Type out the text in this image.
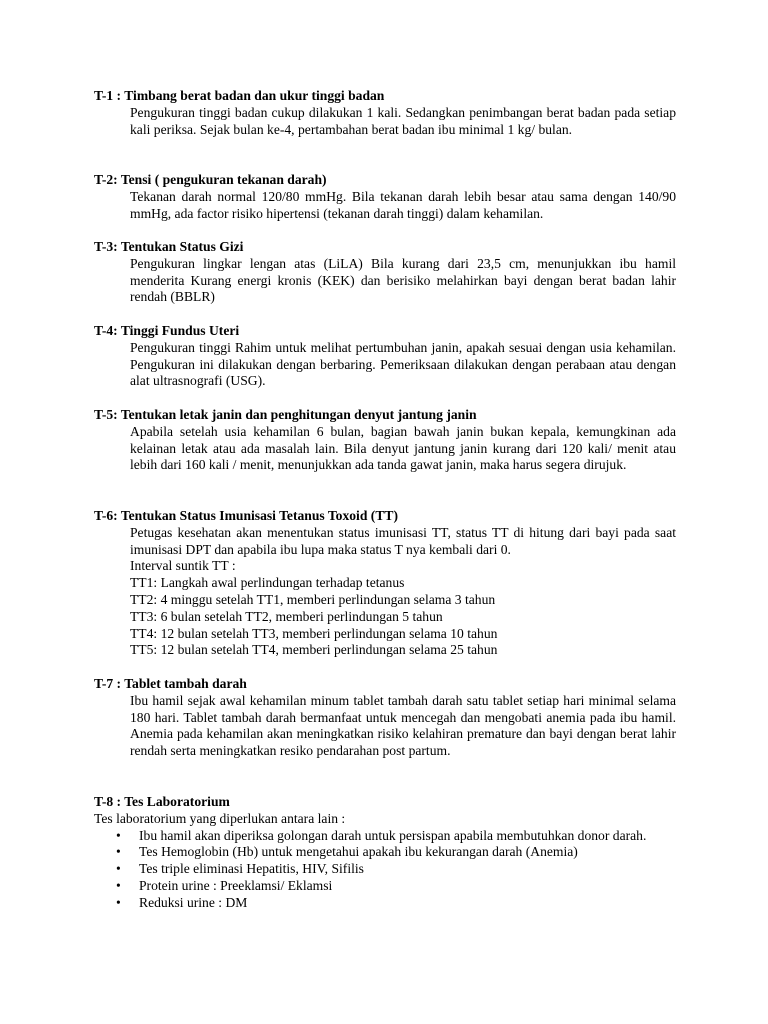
T-1 : Timbang berat badan dan ukur tinggi badan
Pengukuran tinggi badan cukup dilakukan 1 kali. Sedangkan penimbangan berat badan pada setiap kali periksa. Sejak bulan ke-4, pertambahan berat badan ibu minimal 1 kg/ bulan.
T-2: Tensi ( pengukuran tekanan darah)
Tekanan darah normal 120/80 mmHg. Bila tekanan darah lebih besar atau sama dengan 140/90 mmHg, ada factor risiko hipertensi (tekanan darah tinggi) dalam kehamilan.
T-3: Tentukan Status Gizi
Pengukuran lingkar lengan atas (LiLA) Bila kurang dari 23,5 cm, menunjukkan ibu hamil menderita Kurang energi kronis (KEK) dan berisiko melahirkan bayi dengan berat badan lahir rendah (BBLR)
T-4: Tinggi Fundus Uteri
Pengukuran tinggi Rahim untuk melihat pertumbuhan janin, apakah sesuai dengan usia kehamilan. Pengukuran ini dilakukan dengan berbaring. Pemeriksaan dilakukan dengan perabaan atau dengan alat ultrasnografi (USG).
T-5: Tentukan letak janin dan penghitungan denyut jantung janin
Apabila setelah usia kehamilan 6 bulan, bagian bawah janin bukan kepala, kemungkinan ada kelainan letak atau ada masalah lain. Bila denyut jantung janin kurang dari 120 kali/ menit atau lebih dari 160 kali / menit, menunjukkan ada tanda gawat janin, maka harus segera dirujuk.
T-6: Tentukan Status Imunisasi Tetanus Toxoid (TT)
Petugas kesehatan akan menentukan status imunisasi TT, status TT di hitung dari bayi pada saat imunisasi DPT dan apabila ibu lupa maka status T nya kembali dari 0.
Interval suntik TT :
TT1: Langkah awal perlindungan terhadap tetanus
TT2: 4 minggu setelah TT1, memberi perlindungan selama 3 tahun
TT3: 6 bulan setelah TT2, memberi perlindungan 5 tahun
TT4: 12 bulan setelah TT3, memberi perlindungan selama 10 tahun
TT5: 12 bulan setelah TT4, memberi perlindungan selama 25 tahun
T-7 : Tablet tambah darah
Ibu hamil sejak awal kehamilan minum tablet tambah darah satu tablet setiap hari minimal selama 180 hari. Tablet tambah darah bermanfaat untuk mencegah dan mengobati anemia pada ibu hamil. Anemia pada kehamilan akan meningkatkan risiko kelahiran premature dan bayi dengan berat lahir rendah serta meningkatkan resiko pendarahan post partum.
T-8 : Tes Laboratorium

Tes laboratorium yang diperlukan antara lain :

• Ibu hamil akan diperiksa golongan darah untuk persispan apabila membutuhkan donor darah.
• Tes Hemoglobin (Hb) untuk mengetahui apakah ibu kekurangan darah (Anemia)
• Tes triple eliminasi Hepatitis, HIV, Sifilis
• Protein urine : Preeklamsi/ Eklamsi
• Reduksi urine : DM
